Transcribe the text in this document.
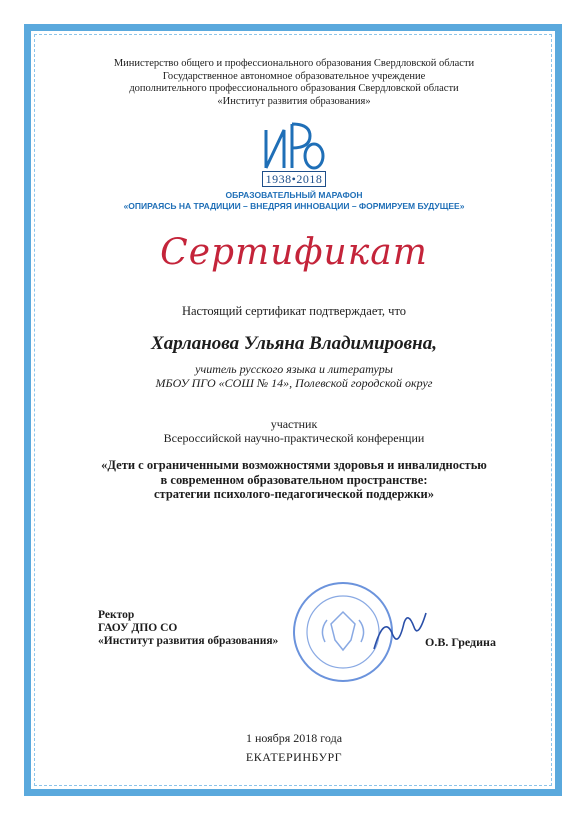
Министерство общего и профессионального образования Свердловской области
Государственное автономное образовательное учреждение
дополнительного профессионального образования Свердловской области
«Институт развития образования»
1938•2018
ОБРАЗОВАТЕЛЬНЫЙ МАРАФОН
«ОПИРАЯСЬ НА ТРАДИЦИИ – ВНЕДРЯЯ ИННОВАЦИИ – ФОРМИРУЕМ БУДУЩЕЕ»
Сертификат
Настоящий сертификат подтверждает, что
Харланова Ульяна Владимировна,
учитель русского языка и литературы
МБОУ ПГО «СОШ № 14», Полевской городской округ
участник
Всероссийской научно-практической конференции
«Дети с ограниченными возможностями здоровья и инвалидностью
в современном образовательном пространстве:
стратегии психолого-педагогической поддержки»
Ректор
ГАОУ ДПО СО
«Институт развития образования»	О.В. Гредина
1 ноября 2018 года
ЕКАТЕРИНБУРГ
